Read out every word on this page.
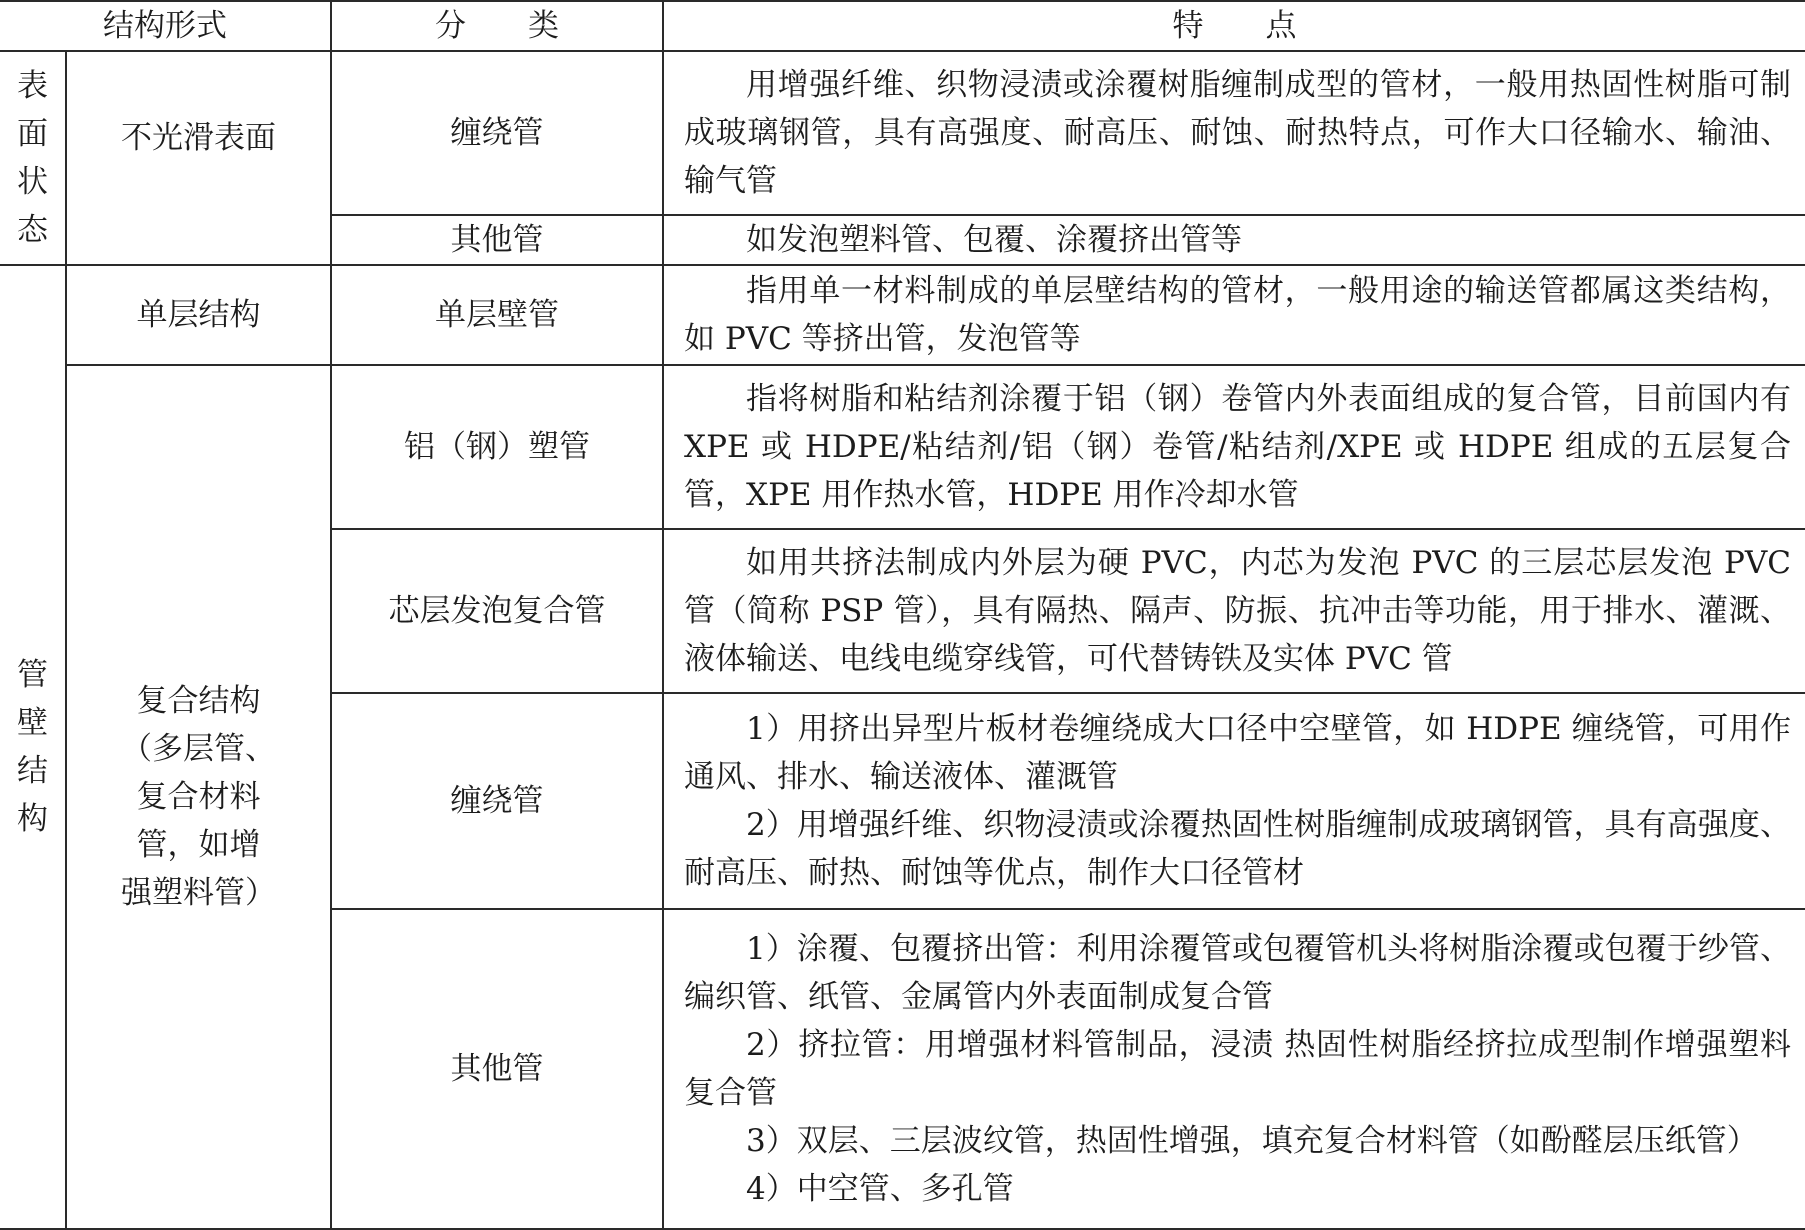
结构形式		分　　类	特　　点

表面状态	不光滑表面	缠绕管	用增强纤维、织物浸渍或涂覆树脂缠制成型的管材，一般用热固性树脂可制成玻璃钢管，具有高强度、耐高压、耐蚀、耐热特点，可作大口径输水、输油、输气管

		其他管	如发泡塑料管、包覆、涂覆挤出管等

管壁结构	单层结构	单层壁管	指用单一材料制成的单层壁结构的管材，一般用途的输送管都属这类结构，如 PVC 等挤出管，发泡管等

	复合结构
（多层管、
复合材料
管，如增
强塑料管）	铝（钢）塑管	指将树脂和粘结剂涂覆于铝（钢）卷管内外表面组成的复合管，目前国内有 XPE 或 HDPE/粘结剂/铝（钢）卷管/粘结剂/XPE 或 HDPE 组成的五层复合管，XPE 用作热水管，HDPE 用作冷却水管

		芯层发泡复合管	如用共挤法制成内外层为硬 PVC，内芯为发泡 PVC 的三层芯层发泡 PVC 管（简称 PSP 管），具有隔热、隔声、防振、抗冲击等功能，用于排水、灌溉、液体输送、电线电缆穿线管，可代替铸铁及实体 PVC 管

		缠绕管	1）用挤出异型片板材卷缠绕成大口径中空壁管，如 HDPE 缠绕管，可用作通风、排水、输送液体、灌溉管

2）用增强纤维、织物浸渍或涂覆热固性树脂缠制成玻璃钢管，具有高强度、耐高压、耐热、耐蚀等优点，制作大口径管材

		其他管	1）涂覆、包覆挤出管：利用涂覆管或包覆管机头将树脂涂覆或包覆于纱管、编织管、纸管、金属管内外表面制成复合管

2）挤拉管：用增强材料管制品，浸渍 热固性树脂经挤拉成型制作增强塑料复合管

3）双层、三层波纹管，热固性增强，填充复合材料管（如酚醛层压纸管）

4）中空管、多孔管
